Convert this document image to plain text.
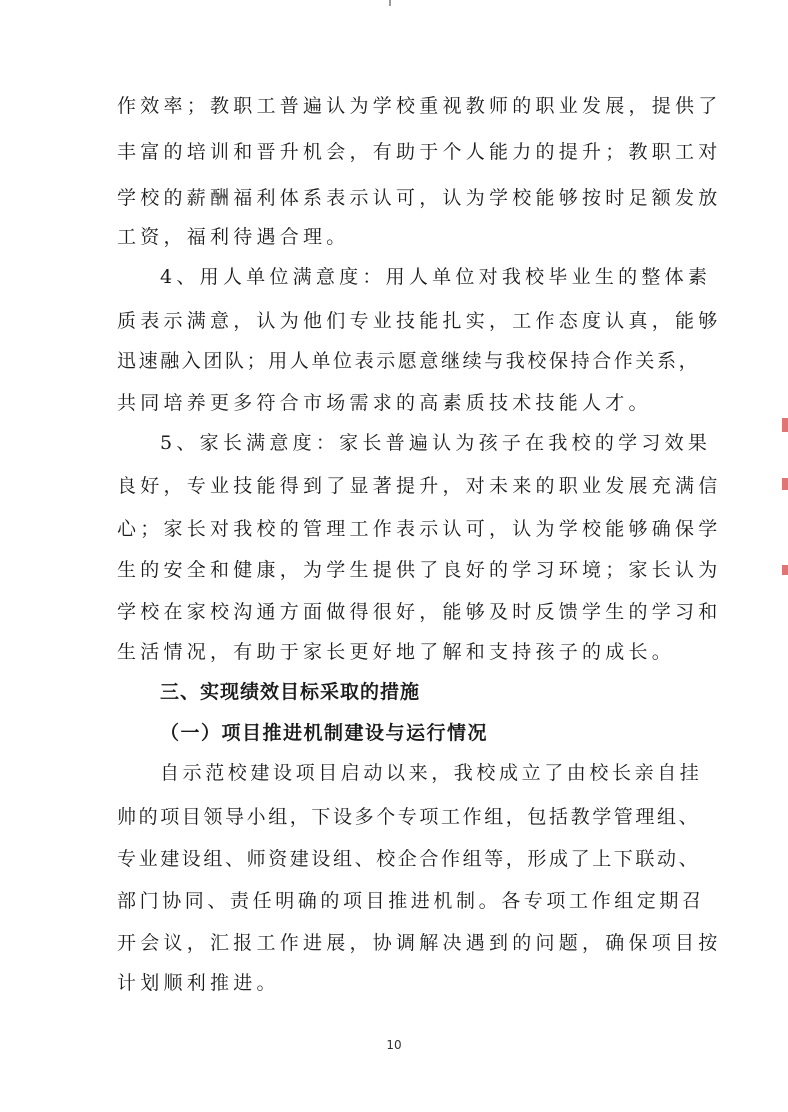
作效率；教职工普遍认为学校重视教师的职业发展，提供了
丰富的培训和晋升机会，有助于个人能力的提升；教职工对
学校的薪酬福利体系表示认可，认为学校能够按时足额发放
工资，福利待遇合理。
4、用人单位满意度：用人单位对我校毕业生的整体素
质表示满意，认为他们专业技能扎实，工作态度认真，能够
迅速融入团队；用人单位表示愿意继续与我校保持合作关系，
共同培养更多符合市场需求的高素质技术技能人才。
5、家长满意度：家长普遍认为孩子在我校的学习效果
良好，专业技能得到了显著提升，对未来的职业发展充满信
心；家长对我校的管理工作表示认可，认为学校能够确保学
生的安全和健康，为学生提供了良好的学习环境；家长认为
学校在家校沟通方面做得很好，能够及时反馈学生的学习和
生活情况，有助于家长更好地了解和支持孩子的成长。
三、实现绩效目标采取的措施
（一）项目推进机制建设与运行情况
自示范校建设项目启动以来，我校成立了由校长亲自挂
帅的项目领导小组，下设多个专项工作组，包括教学管理组、
专业建设组、师资建设组、校企合作组等，形成了上下联动、
部门协同、责任明确的项目推进机制。各专项工作组定期召
开会议，汇报工作进展，协调解决遇到的问题，确保项目按
计划顺利推进。
10
